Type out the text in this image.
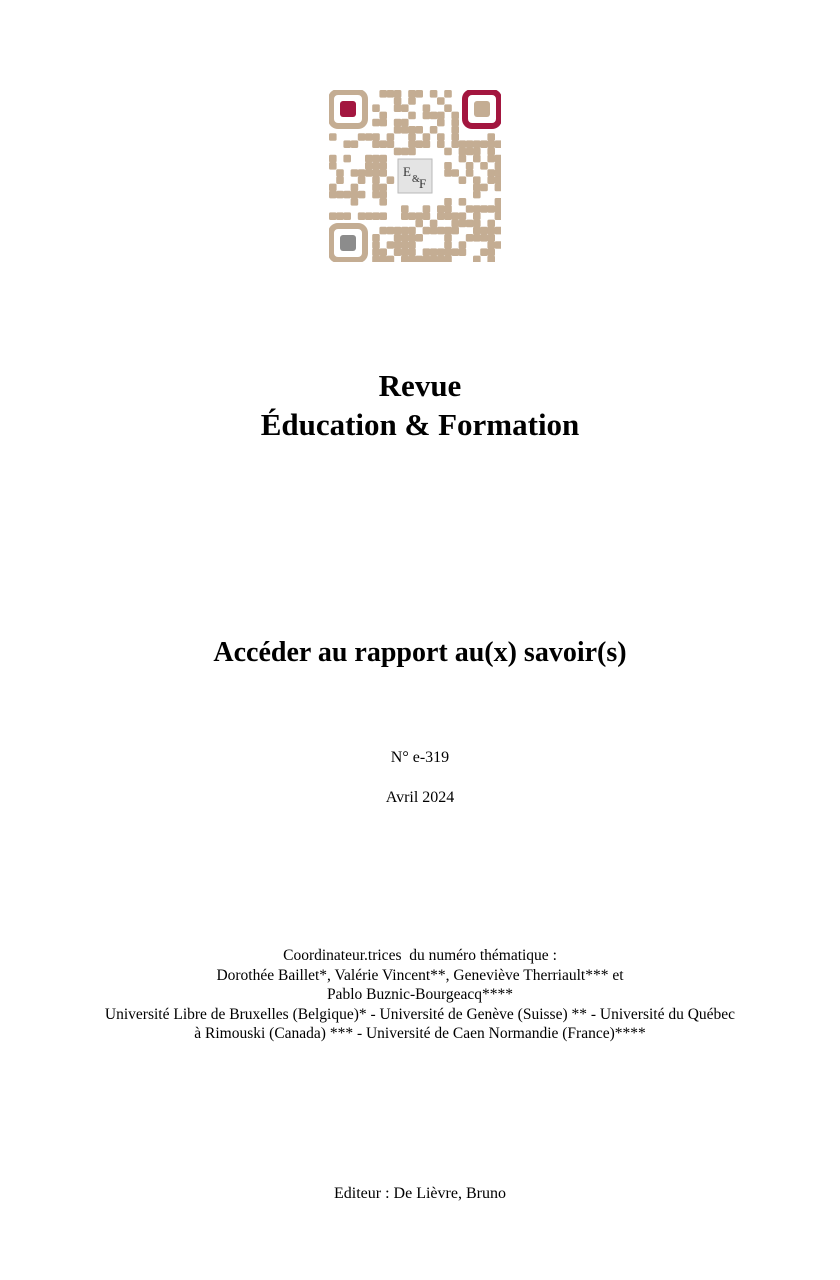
E
& F
Revue
Éducation & Formation
Accéder au rapport au(x) savoir(s)
N° e-319
Avril 2024
Coordinateur.trices  du numéro thématique :
Dorothée Baillet*, Valérie Vincent**, Geneviève Therriault*** et
Pablo Buznic-Bourgeacq****
Université Libre de Bruxelles (Belgique)* - Université de Genève (Suisse) ** - Université du Québec
à Rimouski (Canada) *** - Université de Caen Normandie (France)****
Editeur : De Lièvre, Bruno
